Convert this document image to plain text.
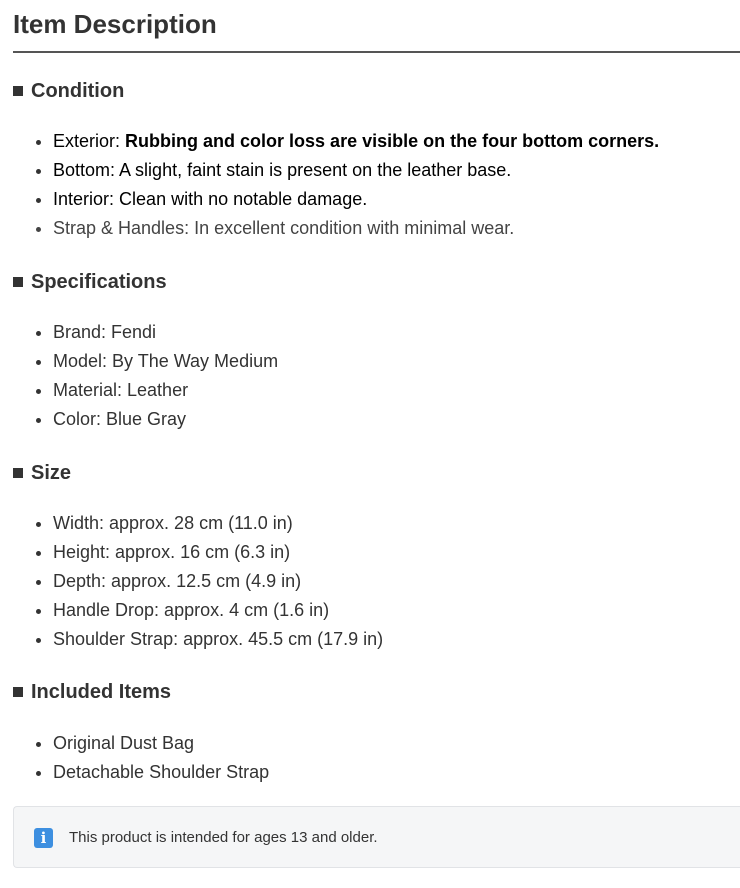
Item Description
Condition
• Exterior: Rubbing and color loss are visible on the four bottom corners.
• Bottom: A slight, faint stain is present on the leather base.
• Interior: Clean with no notable damage.
• Strap & Handles: In excellent condition with minimal wear.
Specifications
• Brand: Fendi
• Model: By The Way Medium
• Material: Leather
• Color: Blue Gray
Size
• Width: approx. 28 cm (11.0 in)
• Height: approx. 16 cm (6.3 in)
• Depth: approx. 12.5 cm (4.9 in)
• Handle Drop: approx. 4 cm (1.6 in)
• Shoulder Strap: approx. 45.5 cm (17.9 in)
Included Items
• Original Dust Bag
• Detachable Shoulder Strap
i	This product is intended for ages 13 and older.
